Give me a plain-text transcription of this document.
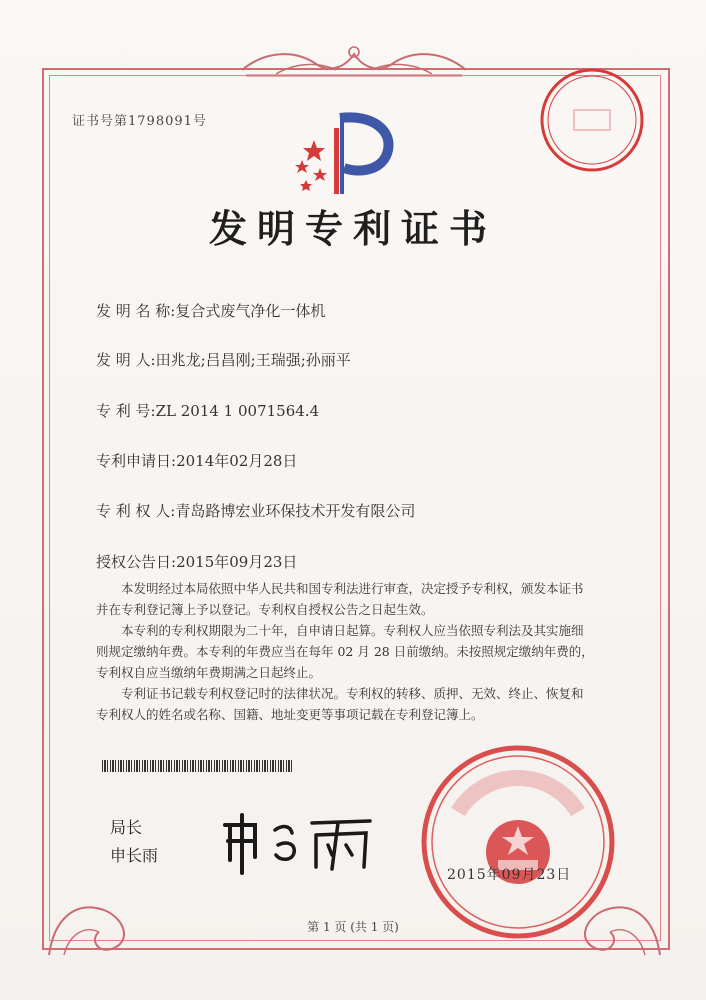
证书号第1798091号
发明专利证书
发 明 名 称:复合式废气净化一体机
发 明 人:田兆龙;吕昌刚;王瑞强;孙丽平
专 利 号:ZL 2014 1 0071564.4
专利申请日:2014年02月28日
专 利 权 人:青岛路博宏业环保技术开发有限公司
授权公告日:2015年09月23日
本发明经过本局依照中华人民共和国专利法进行审查，决定授予专利权，颁发本证书
并在专利登记簿上予以登记。专利权自授权公告之日起生效。
本专利的专利权期限为二十年，自申请日起算。专利权人应当依照专利法及其实施细
则规定缴纳年费。本专利的年费应当在每年 02 月 28 日前缴纳。未按照规定缴纳年费的，
专利权自应当缴纳年费期满之日起终止。
专利证书记载专利权登记时的法律状况。专利权的转移、质押、无效、终止、恢复和
专利权人的姓名或名称、国籍、地址变更等事项记载在专利登记簿上。
局长
申长雨
2015年09月23日
第 1 页 (共 1 页)
